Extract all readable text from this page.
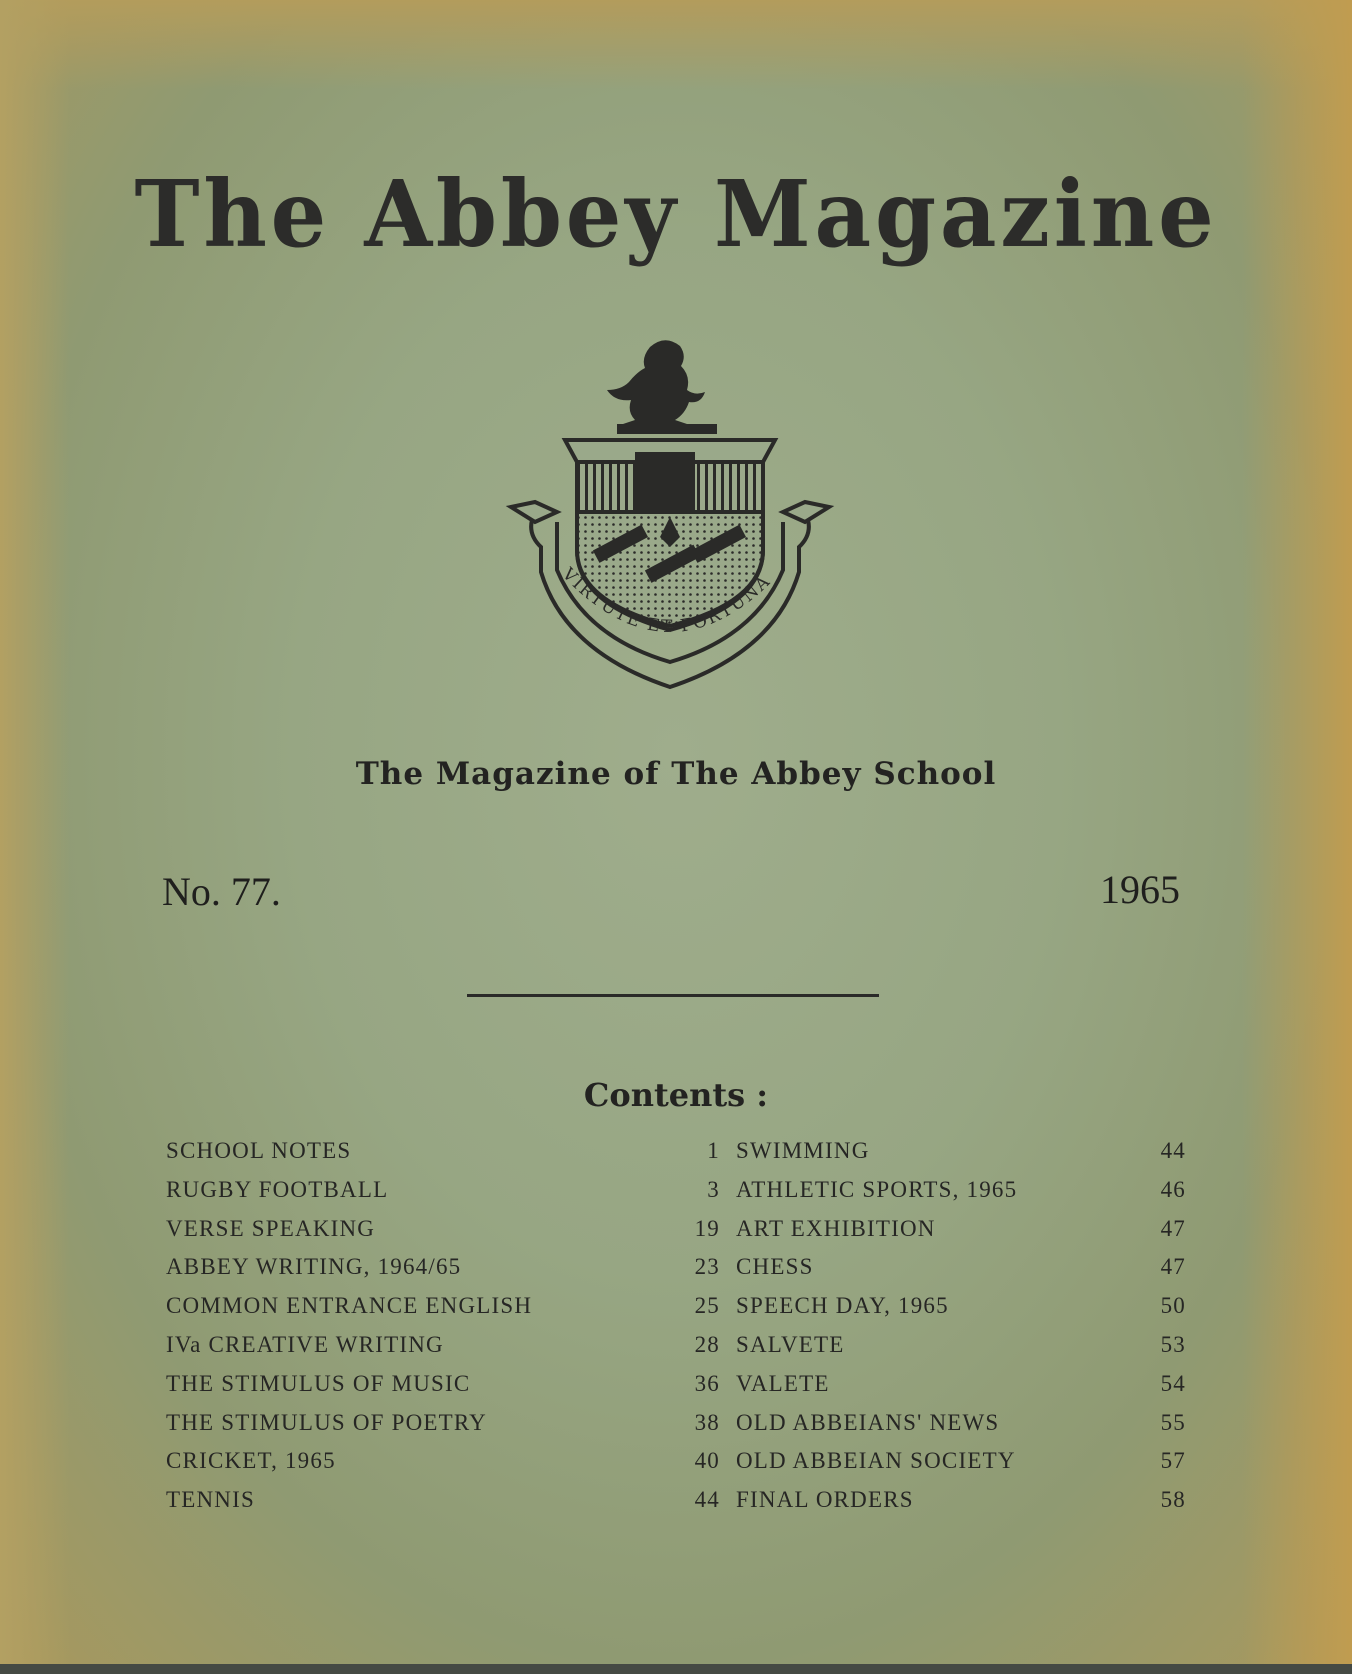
The Abbey Magazine
VIRTUTE ET FORTUNA
The Magazine of The Abbey School
No. 77.	1965
Contents :
SCHOOL NOTES	1
RUGBY FOOTBALL	3
VERSE SPEAKING	19
ABBEY WRITING, 1964/65	23
COMMON ENTRANCE ENGLISH	25
IVa CREATIVE WRITING	28
THE STIMULUS OF MUSIC	36
THE STIMULUS OF POETRY	38
CRICKET, 1965	40
TENNIS	44
SWIMMING	44
ATHLETIC SPORTS, 1965	46
ART EXHIBITION	47
CHESS	47
SPEECH DAY, 1965	50
SALVETE	53
VALETE	54
OLD ABBEIANS' NEWS	55
OLD ABBEIAN SOCIETY	57
FINAL ORDERS	58
